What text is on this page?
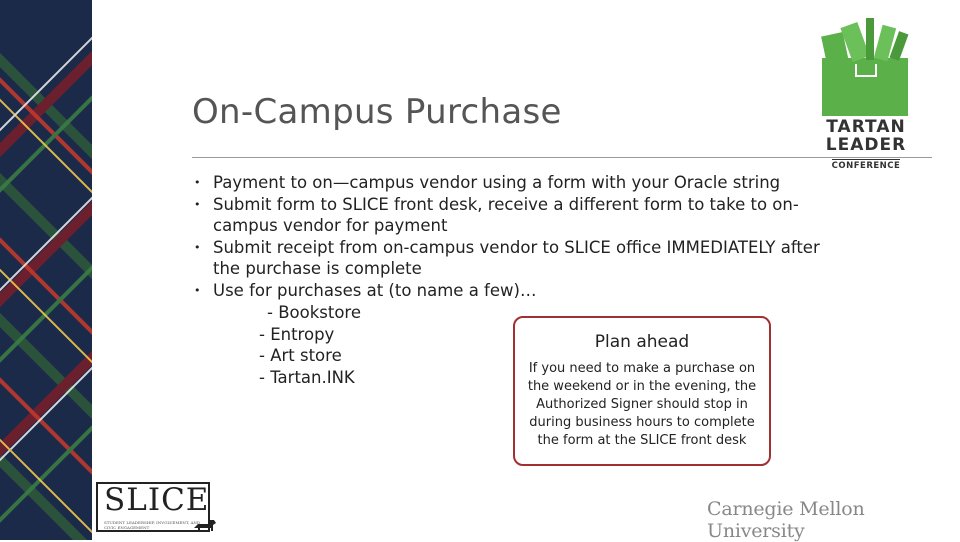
On-Campus Purchase
• Payment to on—campus vendor using a form with your Oracle string
• Submit form to SLICE front desk, receive a different form to take to on-campus vendor for payment
• Submit receipt from on-campus vendor to SLICE office IMMEDIATELY after the purchase is complete
• Use for purchases at (to name a few)…
- Bookstore
- Entropy
- Art store
- Tartan.INK
Plan ahead
If you need to make a purchase on the weekend or in the evening, the Authorized Signer should stop in during business hours to complete the form at the SLICE front desk
TARTAN
LEADER
CONFERENCE
SLICE
STUDENT LEADERSHIP, INVOLVEMENT, AND CIVIC ENGAGEMENT
Carnegie Mellon University
